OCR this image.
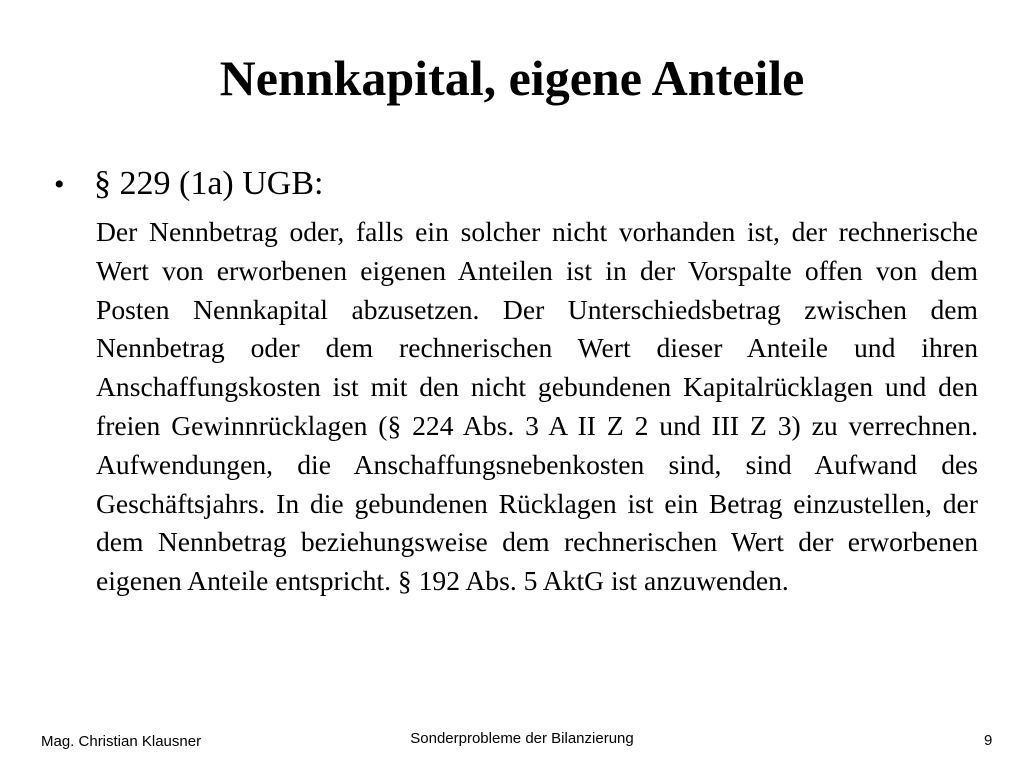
Nennkapital, eigene Anteile
• § 229 (1a) UGB:

Der Nennbetrag oder, falls ein solcher nicht vorhanden ist, der rechnerische Wert von erworbenen eigenen Anteilen ist in der Vorspalte offen von dem Posten Nennkapital abzusetzen. Der Unterschiedsbetrag zwischen dem Nennbetrag oder dem rechnerischen Wert dieser Anteile und ihren Anschaffungskosten ist mit den nicht gebundenen Kapitalrücklagen und den freien Gewinnrücklagen (§ 224 Abs. 3 A II Z 2 und III Z 3) zu verrechnen. Aufwendungen, die Anschaffungsnebenkosten sind, sind Aufwand des Geschäftsjahrs. In die gebundenen Rücklagen ist ein Betrag einzustellen, der dem Nennbetrag beziehungsweise dem rechnerischen Wert der erworbenen eigenen Anteile entspricht. § 192 Abs. 5 AktG ist anzuwenden.

Mag. Christian Klausner	Sonderprobleme der Bilanzierung	9
